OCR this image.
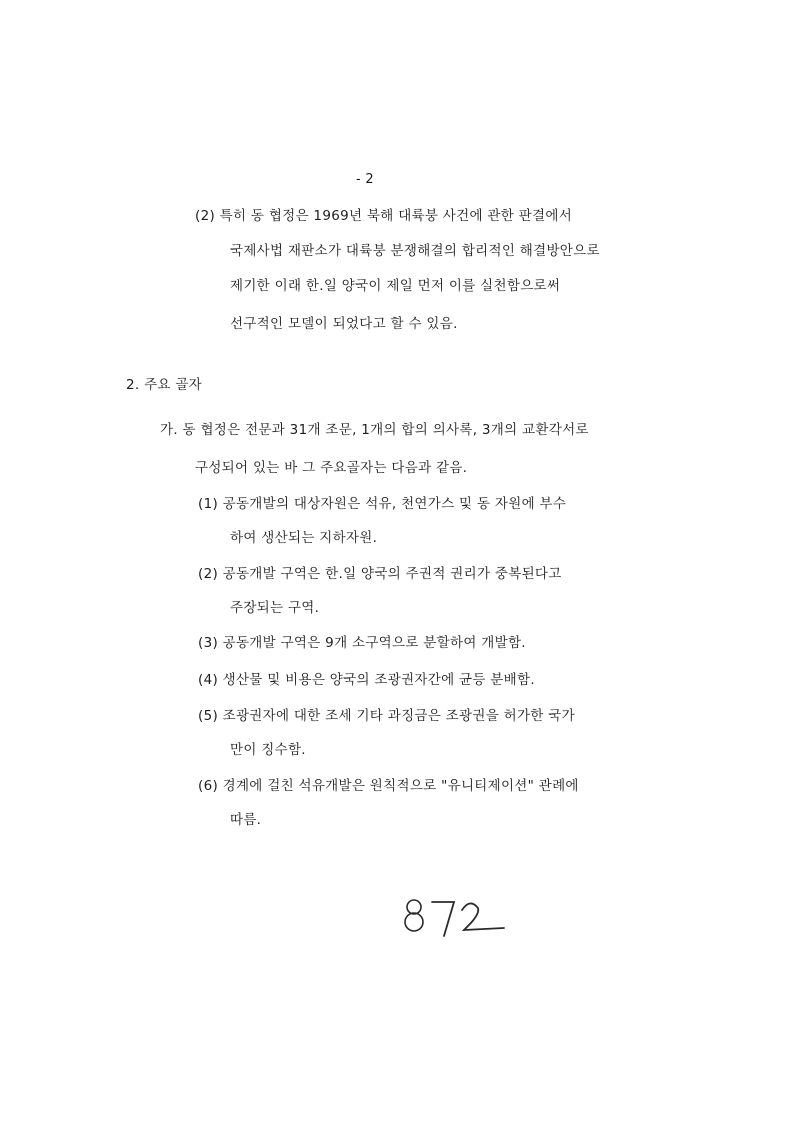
- 2
(2) 특히 동 협정은 1969년 북해 대륙붕 사건에 관한 판결에서
국제사법 재판소가 대륙붕 분쟁해결의 합리적인 해결방안으로
제기한 이래 한.일 양국이 제일 먼저 이를 실천함으로써
선구적인 모델이 되었다고 할 수 있음.
2. 주요 골자
가. 동 협정은 전문과 31개 조문, 1개의 합의 의사록, 3개의 교환각서로
구성되어 있는 바 그 주요골자는 다음과 같음.
(1) 공동개발의 대상자원은 석유, 천연가스 및 동 자원에 부수
하여 생산되는 지하자원.
(2) 공동개발 구역은 한.일 양국의 주권적 권리가 중복된다고
주장되는 구역.
(3) 공동개발 구역은 9개 소구역으로 분할하여 개발함.
(4) 생산물 및 비용은 양국의 조광권자간에 균등 분배함.
(5) 조광권자에 대한 조세 기타 과징금은 조광권을 허가한 국가
만이 징수함.
(6) 경계에 걸친 석유개발은 원칙적으로 "유니티제이션" 관례에
따름.
